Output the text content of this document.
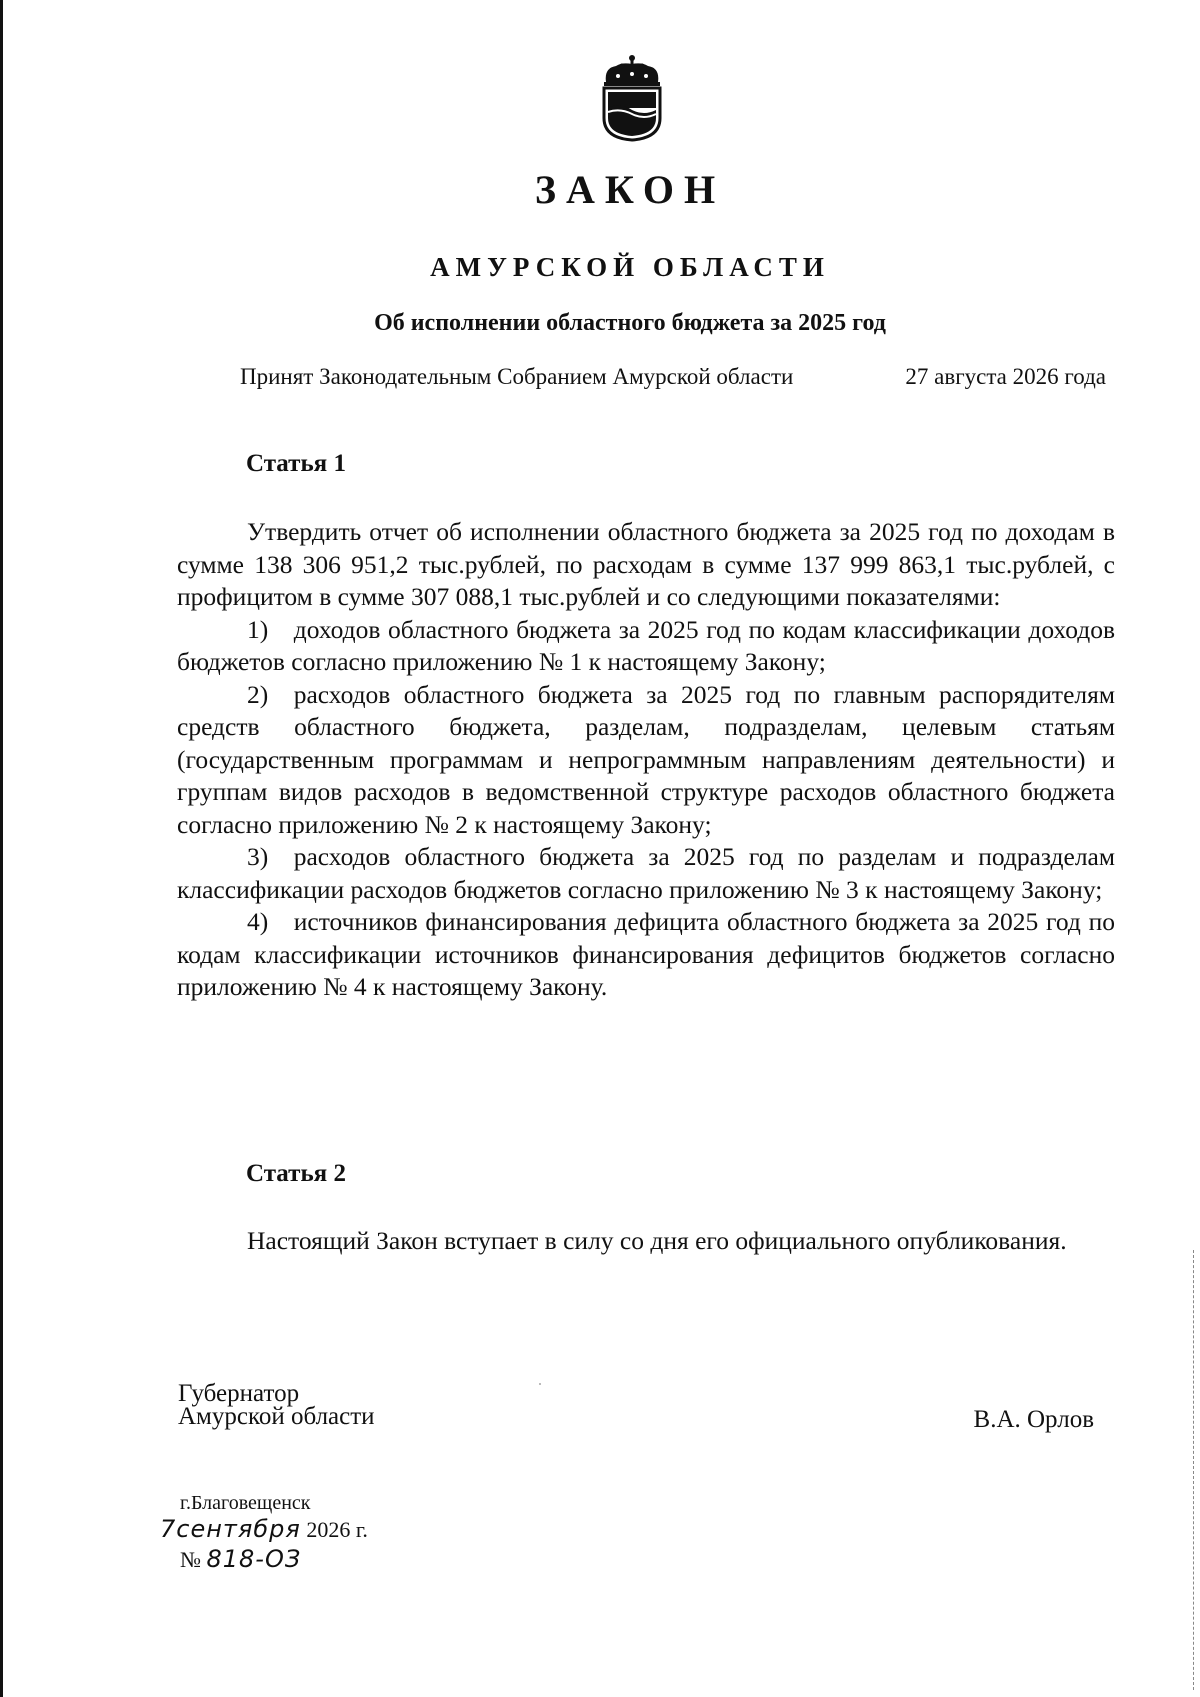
ЗАКОН
АМУРСКОЙ ОБЛАСТИ
Об исполнении областного бюджета за 2025 год
Принят Законодательным Собранием Амурской области	27 августа 2026 года
Статья 1

Утвердить отчет об исполнении областного бюджета за 2025 год по доходам в сумме 138 306 951,2 тыс.рублей, по расходам в сумме 137 999 863,1 тыс.рублей, с профицитом в сумме 307 088,1 тыс.рублей и со следующими показателями:

1) доходов областного бюджета за 2025 год по кодам классификации доходов бюджетов согласно приложению № 1 к настоящему Закону;

2) расходов областного бюджета за 2025 год по главным распорядителям средств областного бюджета, разделам, подразделам, целевым статьям (государственным программам и непрограммным направлениям деятельности) и группам видов расходов в ведомственной структуре расходов областного бюджета согласно приложению № 2 к настоящему Закону;

3) расходов областного бюджета за 2025 год по разделам и подразделам классификации расходов бюджетов согласно приложению № 3 к настоящему Закону;

4) источников финансирования дефицита областного бюджета за 2025 год по кодам классификации источников финансирования дефицитов бюджетов согласно приложению № 4 к настоящему Закону.

Статья 2

Настоящий Закон вступает в силу со дня его официального опубликования.

Губернатор
Амурской области	В.А. Орлов
г.Благовещенск
7сентября 2026 г.
№ 818-ОЗ
